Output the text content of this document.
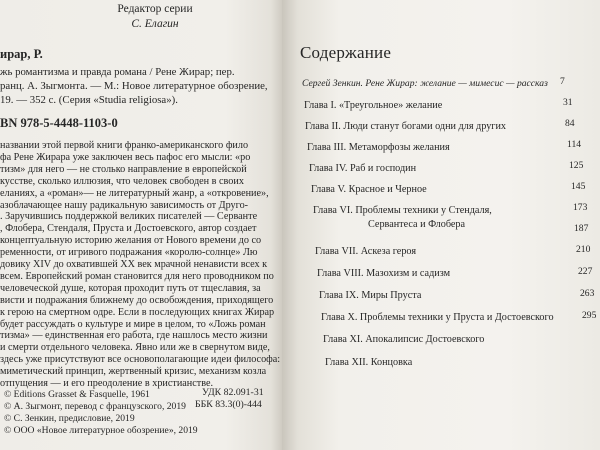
Редактор серии
С. Елагин
ирар, Р.
жь романтизма и правда романа / Рене Жирар; пер.
ранц. А. Зыгмонта. — М.: Новое литературное обозрение,
19. — 352 с. (Серия «Studia religiosa»).
BN 978-5-4448-1103-0
названии этой первой книги франко-американского фило
фа Рене Жирара уже заключен весь пафос его мысли: «ро
тизм» для него — не столько направление в европейской
кусстве, сколько иллюзия, что человек свободен в своих
еланиях, а «роман»— не литературный жанр, а «откровение»,
азоблачающее нашу радикальную зависимость от Друго-
. Заручившись поддержкой великих писателей — Серванте
, Флобера, Стендаля, Пруста и Достоевского, автор создает
концептуальную историю желания от Нового времени до со
ременности, от игривого подражания «королю-солнце» Лю
довику XIV до охватившей XX век мрачной ненависти всех к
всем. Европейский роман становится для него проводником по
человеческой душе, которая проходит путь от тщеславия, за
висти и подражания ближнему до освобождения, приходящего
к герою на смертном одре. Если в последующих книгах Жирар
будет рассуждать о культуре и мире в целом, то «Ложь роман
тизма» — единственная его работа, где нашлось место жизни
и смерти отдельного человека. Явно или же в свернутом виде,
здесь уже присутствуют все основополагающие идеи философа:
миметический принцип, жертвенный кризис, механизм козла
отпущения — и его преодоление в христианстве.
Содержание
Сергей Зенкин. Рене Жирар: желание — мимесис — рассказ 7
Глава I. «Треугольное» желание	31
Глава II. Люди станут богами одни для других	84
Глава III. Метаморфозы желания	114
Глава IV. Раб и господин	125
Глава V. Красное и Черное	145
Глава VI. Проблемы техники у Стендаля,	173
Сервантеса и Флобера	187
Глава VII. Аскеза героя	210
Глава VIII. Мазохизм и садизм	227
Глава IX. Миры Пруста	263
Глава X. Проблемы техники у Пруста и Достоевского	295
Глава XI. Апокалипсис Достоевского
Глава XII. Концовка
УДК 82.091-31
ББК 83.3(0)-444
© Editions Grasset & Fasquelle, 1961
© А. Зыгмонт, перевод с французского, 2019
© С. Зенкин, предисловие, 2019
© ООО «Новое литературное обозрение», 2019
